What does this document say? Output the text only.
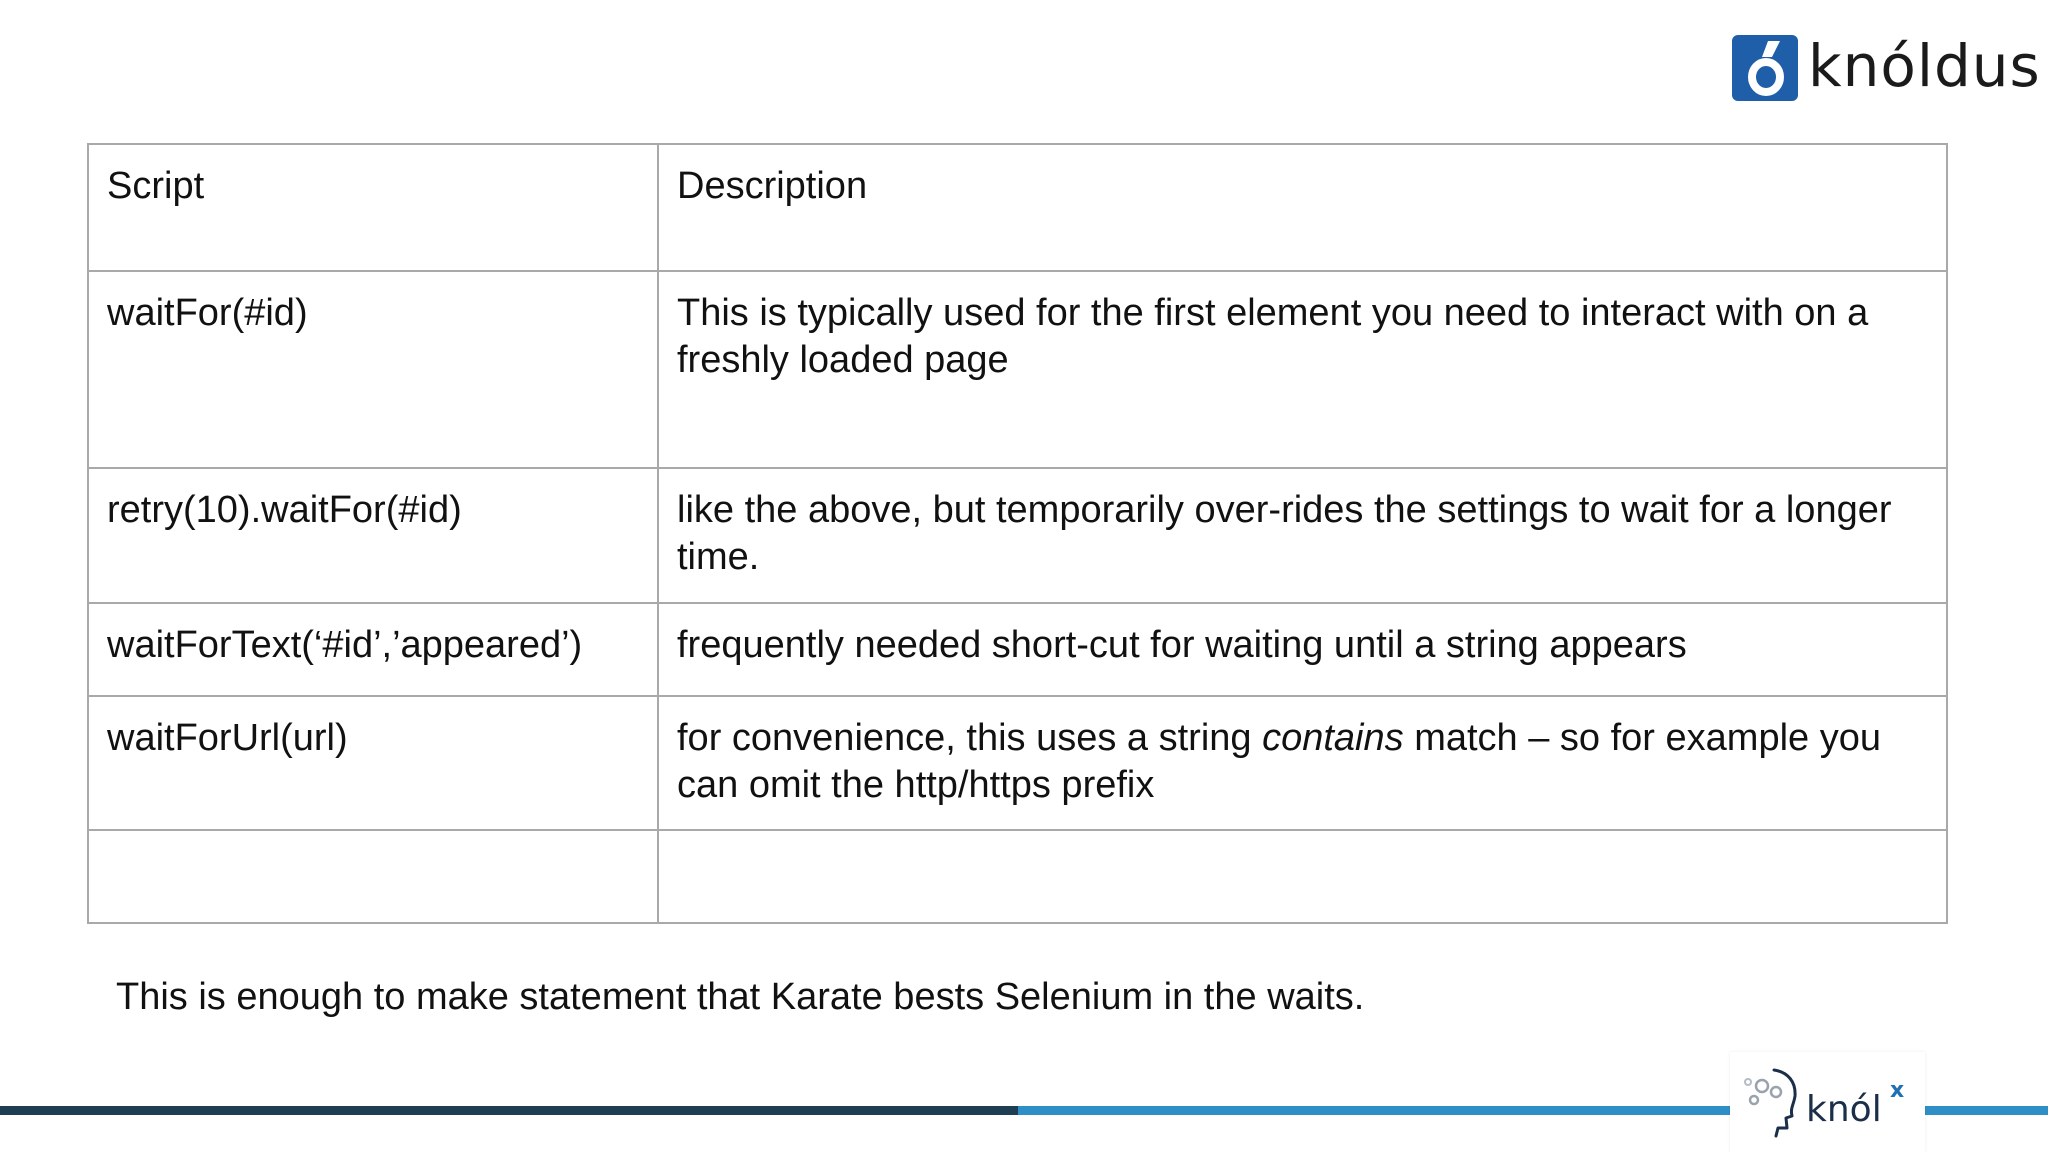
knóldus
Script	Description
waitFor(#id)	This is typically used for the first element you need to interact with on a freshly loaded page
retry(10).waitFor(#id)	like the above, but temporarily over-rides the settings to wait for a longer time.
waitForText(‘#id’,’appeared’)	frequently needed short-cut for waiting until a string appears
waitForUrl(url)	for convenience, this uses a string contains match – so for example you can omit the http/https prefix

This is enough to make statement that Karate bests Selenium in the waits.
knól x
